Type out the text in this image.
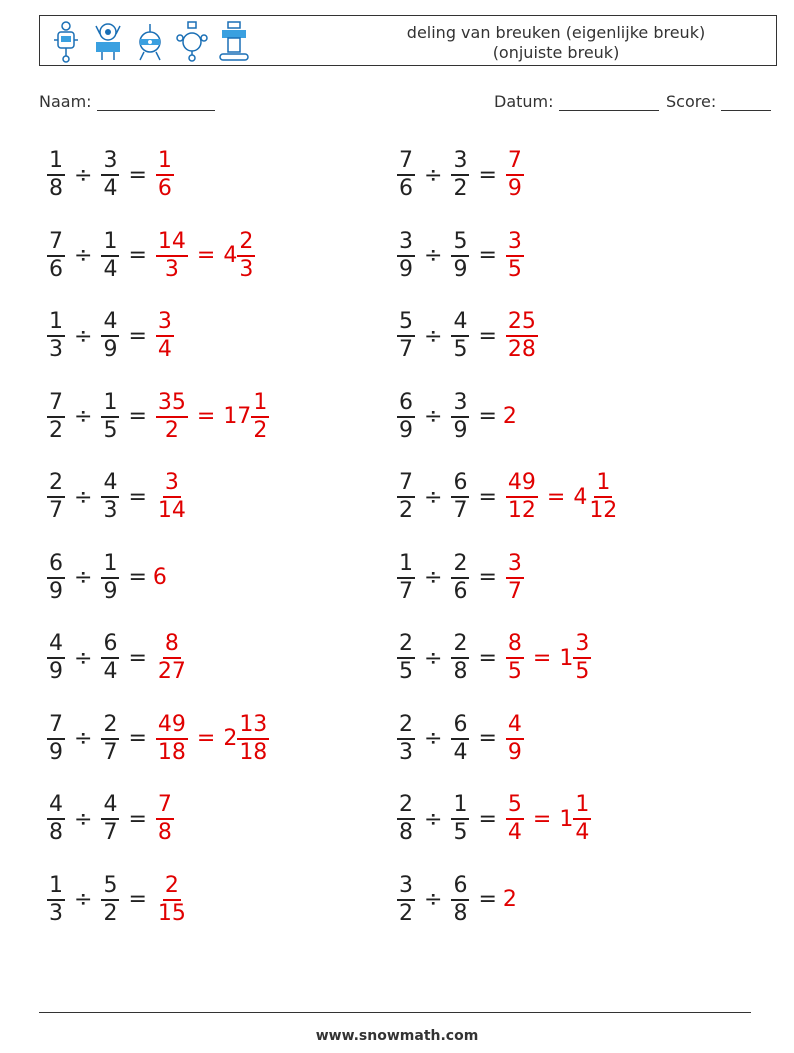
deling van breuken (eigenlijke breuk)
(onjuiste breuk)
Naam:	Datum:	Score:
$\frac{1}{8} \div \frac{3}{4} = \frac{1}{6}$
$\frac{7}{6} \div \frac{1}{4} = \frac{14}{3} = 4 \frac{2}{3}$
$\frac{1}{3} \div \frac{4}{9} = \frac{3}{4}$
$\frac{7}{2} \div \frac{1}{5} = \frac{35}{2} = 17 \frac{1}{2}$
$\frac{2}{7} \div \frac{4}{3} = \frac{3}{14}$
$\frac{6}{9} \div \frac{1}{9} = 6$
$\frac{4}{9} \div \frac{6}{4} = \frac{8}{27}$
$\frac{7}{9} \div \frac{2}{7} = \frac{49}{18} = 2 \frac{13}{18}$
$\frac{4}{8} \div \frac{4}{7} = \frac{7}{8}$
$\frac{1}{3} \div \frac{5}{2} = \frac{2}{15}$
$\frac{7}{6} \div \frac{3}{2} = \frac{7}{9}$
$\frac{3}{9} \div \frac{5}{9} = \frac{3}{5}$
$\frac{5}{7} \div \frac{4}{5} = \frac{25}{28}$
$\frac{6}{9} \div \frac{3}{9} = 2$
$\frac{7}{2} \div \frac{6}{7} = \frac{49}{12} = 4 \frac{1}{12}$
$\frac{1}{7} \div \frac{2}{6} = \frac{3}{7}$
$\frac{2}{5} \div \frac{2}{8} = \frac{8}{5} = 1 \frac{3}{5}$
$\frac{2}{3} \div \frac{6}{4} = \frac{4}{9}$
$\frac{2}{8} \div \frac{1}{5} = \frac{5}{4} = 1 \frac{1}{4}$
$\frac{3}{2} \div \frac{6}{8} = 2$
www.snowmath.com
